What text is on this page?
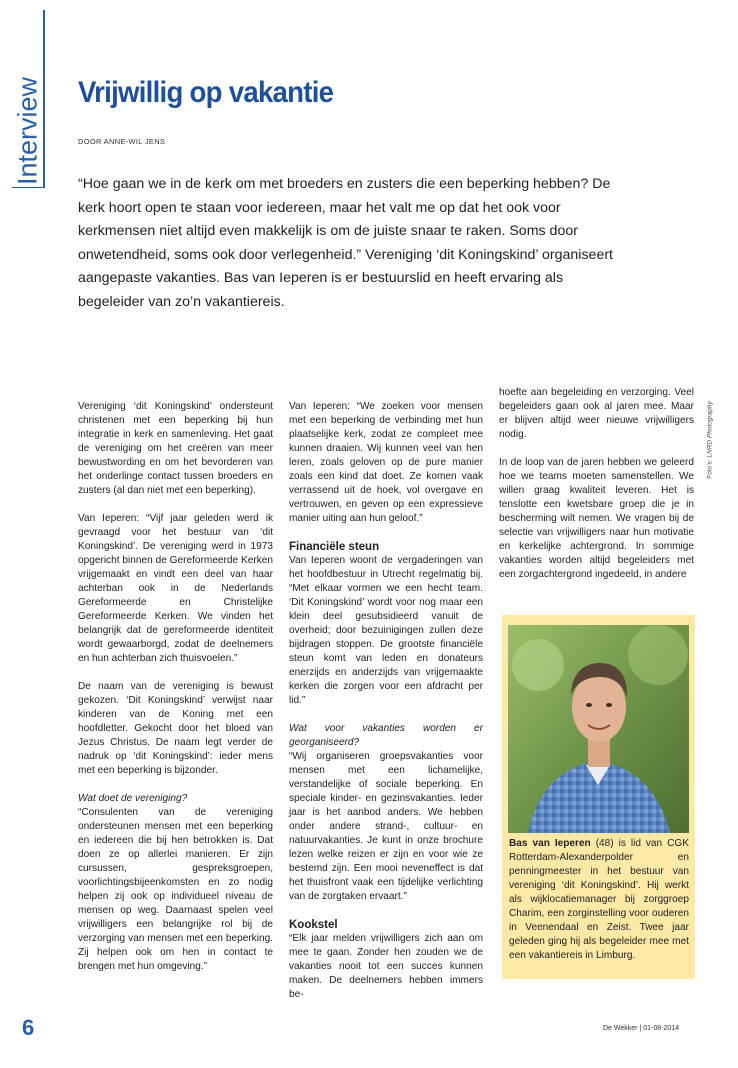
Interview Vrijwillig op vakantie
DOOR ANNE-WIL JENS
“Hoe gaan we in de kerk om met broeders en zusters die een beperking hebben? De kerk hoort open te staan voor iedereen, maar het valt me op dat het ook voor kerkmensen niet altijd even makkelijk is om de juiste snaar te raken. Soms door onwetendheid, soms ook door verlegenheid.” Vereniging ‘dit Koningskind’ organiseert aangepaste vakanties. Bas van Ieperen is er bestuurslid en heeft ervaring als begeleider van zo’n vakantiereis.

Vereniging ‘dit Koningskind’ ondersteunt christenen met een beperking bij hun integratie in kerk en samenleving. Het gaat de vereniging om het creëren van meer bewustwording en om het bevorderen van het onderlinge contact tussen broeders en zusters (al dan niet met een beperking).

Van Ieperen: “Vijf jaar geleden werd ik gevraagd voor het bestuur van ‘dit Koningskind’. De vereniging werd in 1973 opgericht binnen de Gereformeerde Kerken vrijgemaakt en vindt een deel van haar achterban ook in de Nederlands Gereformeerde en Christelijke Gereformeerde Kerken. We vinden het belangrijk dat de gereformeerde identiteit wordt gewaarborgd, zodat de deelnemers en hun achterban zich thuisvoelen.”

De naam van de vereniging is bewust gekozen. ‘Dit Koningskind’ verwijst naar kinderen van de Koning met een hoofdletter. Gekocht door het bloed van Jezus Christus. De naam legt verder de nadruk op ‘dit Koningskind’: ieder mens met een beperking is bijzonder.

Wat doet de vereniging?

“Consulenten van de vereniging ondersteunen mensen met een beperking en iedereen die bij hen betrokken is. Dat doen ze op allerlei manieren. Er zijn cursussen, gespreksgroepen, voorlichtingsbijeenkomsten en zo nodig helpen zij ook op individueel niveau de mensen op weg. Daarnaast spelen veel vrijwilligers een belangrijke rol bij de verzorging van mensen met een beperking. Zij helpen ook om hen in contact te brengen met hun omgeving.”

Van Ieperen: “We zoeken voor mensen met een beperking de verbinding met hun plaatselijke kerk, zodat ze compleet mee kunnen draaien. Wij kunnen veel van hen leren, zoals geloven op de pure manier zoals een kind dat doet. Ze komen vaak verrassend uit de hoek, vol overgave en vertrouwen, en geven op een expressieve manier uiting aan hun geloof.”

Financiële steun

Van Ieperen woont de vergaderingen van het hoofdbestuur in Utrecht regelmatig bij. “Met elkaar vormen we een hecht team. ‘Dit Koningskind’ wordt voor nog maar een klein deel gesubsidieerd vanuit de overheid; door bezuinigingen zullen deze bijdragen stoppen. De grootste financiële steun komt van leden en donateurs enerzijds en anderzijds van vrijgemaakte kerken die zorgen voor een afdracht per lid.”

Wat voor vakanties worden er georganiseerd?

“Wij organiseren groepsvakanties voor mensen met een lichamelijke, verstandelijke of sociale beperking. En speciale kinder- en gezinsvakanties. Ieder jaar is het aanbod anders. We hebben onder andere strand-, cultuur- en natuurvakanties. Je kunt in onze brochure lezen welke reizen er zijn en voor wie ze bestemd zijn. Een mooi neveneffect is dat het thuisfront vaak een tijdelijke verlichting van de zorgtaken ervaart.”

Kookstel

“Elk jaar melden vrijwilligers zich aan om mee te gaan. Zonder hen zouden we de vakanties nooit tot een succes kunnen maken. De deelnemers hebben immers be-

hoefte aan begeleiding en verzorging. Veel begeleiders gaan ook al jaren mee. Maar er blijven altijd weer nieuwe vrijwilligers nodig.

In de loop van de jaren hebben we geleerd hoe we teams moeten samenstellen. We willen graag kwaliteit leveren. Het is tenslotte een kwetsbare groep die je in bescherming wilt nemen. We vragen bij de selectie van vrijwilligers naar hun motivatie en kerkelijke achtergrond. In sommige vakanties worden altijd begeleiders met een zorgachtergrond ingedeeld, in andere

Bas van Ieperen (48) is lid van CGK Rotterdam-Alexanderpolder en penningmeester in het bestuur van vereniging ‘dit Koningskind’. Hij werkt als wijklocatiemanager bij zorggroep Charim, een zorginstelling voor ouderen in Veenendaal en Zeist. Twee jaar geleden ging hij als begeleider mee met een vakantiereis in Limburg.
Foto’s: LNRD Photography
6	De Wekker | 01-08-2014
